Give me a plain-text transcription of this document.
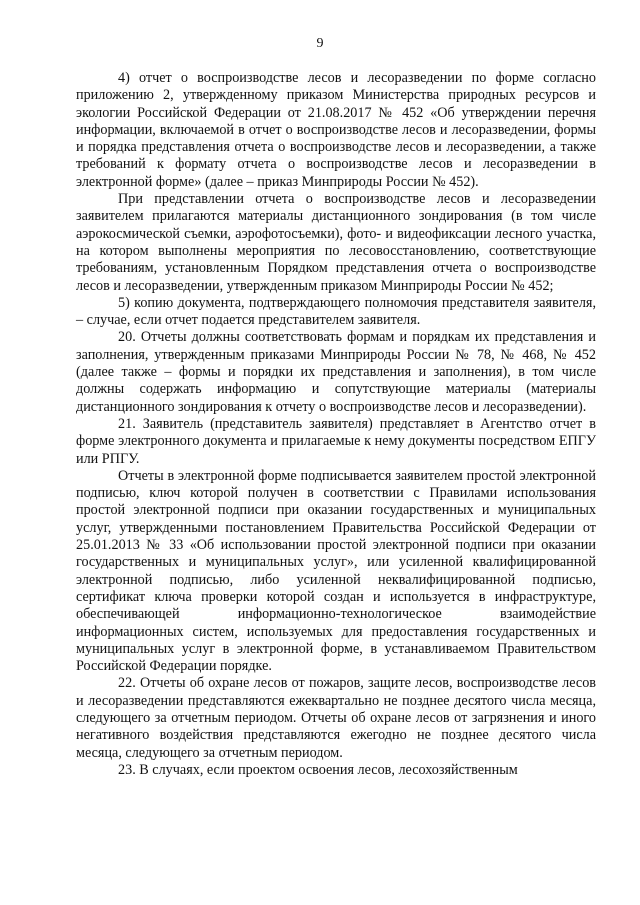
9

4) отчет о воспроизводстве лесов и лесоразведении по форме согласно приложению 2, утвержденному приказом Министерства природных ресурсов и экологии Российской Федерации от 21.08.2017 № 452 «Об утверждении перечня информации, включаемой в отчет о воспроизводстве лесов и лесоразведении, формы и порядка представления отчета о воспроизводстве лесов и лесоразведении, а также требований к формату отчета о воспроизводстве лесов и лесоразведении в электронной форме» (далее – приказ Минприроды России № 452).

При представлении отчета о воспроизводстве лесов и лесоразведении заявителем прилагаются материалы дистанционного зондирования (в том числе аэрокосмической съемки, аэрофотосъемки), фото- и видеофиксации лесного участка, на котором выполнены мероприятия по лесовосстановлению, соответствующие требованиям, установленным Порядком представления отчета о воспроизводстве лесов и лесоразведении, утвержденным приказом Минприроды России № 452;

5) копию документа, подтверждающего полномочия представителя заявителя, – случае, если отчет подается представителем заявителя.

20. Отчеты должны соответствовать формам и порядкам их представления и заполнения, утвержденным приказами Минприроды России № 78, № 468, № 452 (далее также – формы и порядки их представления и заполнения), в том числе должны содержать информацию и сопутствующие материалы (материалы дистанционного зондирования к отчету о воспроизводстве лесов и лесоразведении).

21. Заявитель (представитель заявителя) представляет в Агентство отчет в форме электронного документа и прилагаемые к нему документы посредством ЕПГУ или РПГУ.

Отчеты в электронной форме подписывается заявителем простой электронной подписью, ключ которой получен в соответствии с Правилами использования простой электронной подписи при оказании государственных и муниципальных услуг, утвержденными постановлением Правительства Российской Федерации от 25.01.2013 № 33 «Об использовании простой электронной подписи при оказании государственных и муниципальных услуг», или усиленной квалифицированной электронной подписью, либо усиленной неквалифицированной подписью, сертификат ключа проверки которой создан и используется в инфраструктуре, обеспечивающей информационно-технологическое взаимодействие информационных систем, используемых для предоставления государственных и муниципальных услуг в электронной форме, в устанавливаемом Правительством Российской Федерации порядке.

22. Отчеты об охране лесов от пожаров, защите лесов, воспроизводстве лесов и лесоразведении представляются ежеквартально не позднее десятого числа месяца, следующего за отчетным периодом. Отчеты об охране лесов от загрязнения и иного негативного воздействия представляются ежегодно не позднее десятого числа месяца, следующего за отчетным периодом.

23. В случаях, если проектом освоения лесов, лесохозяйственным
